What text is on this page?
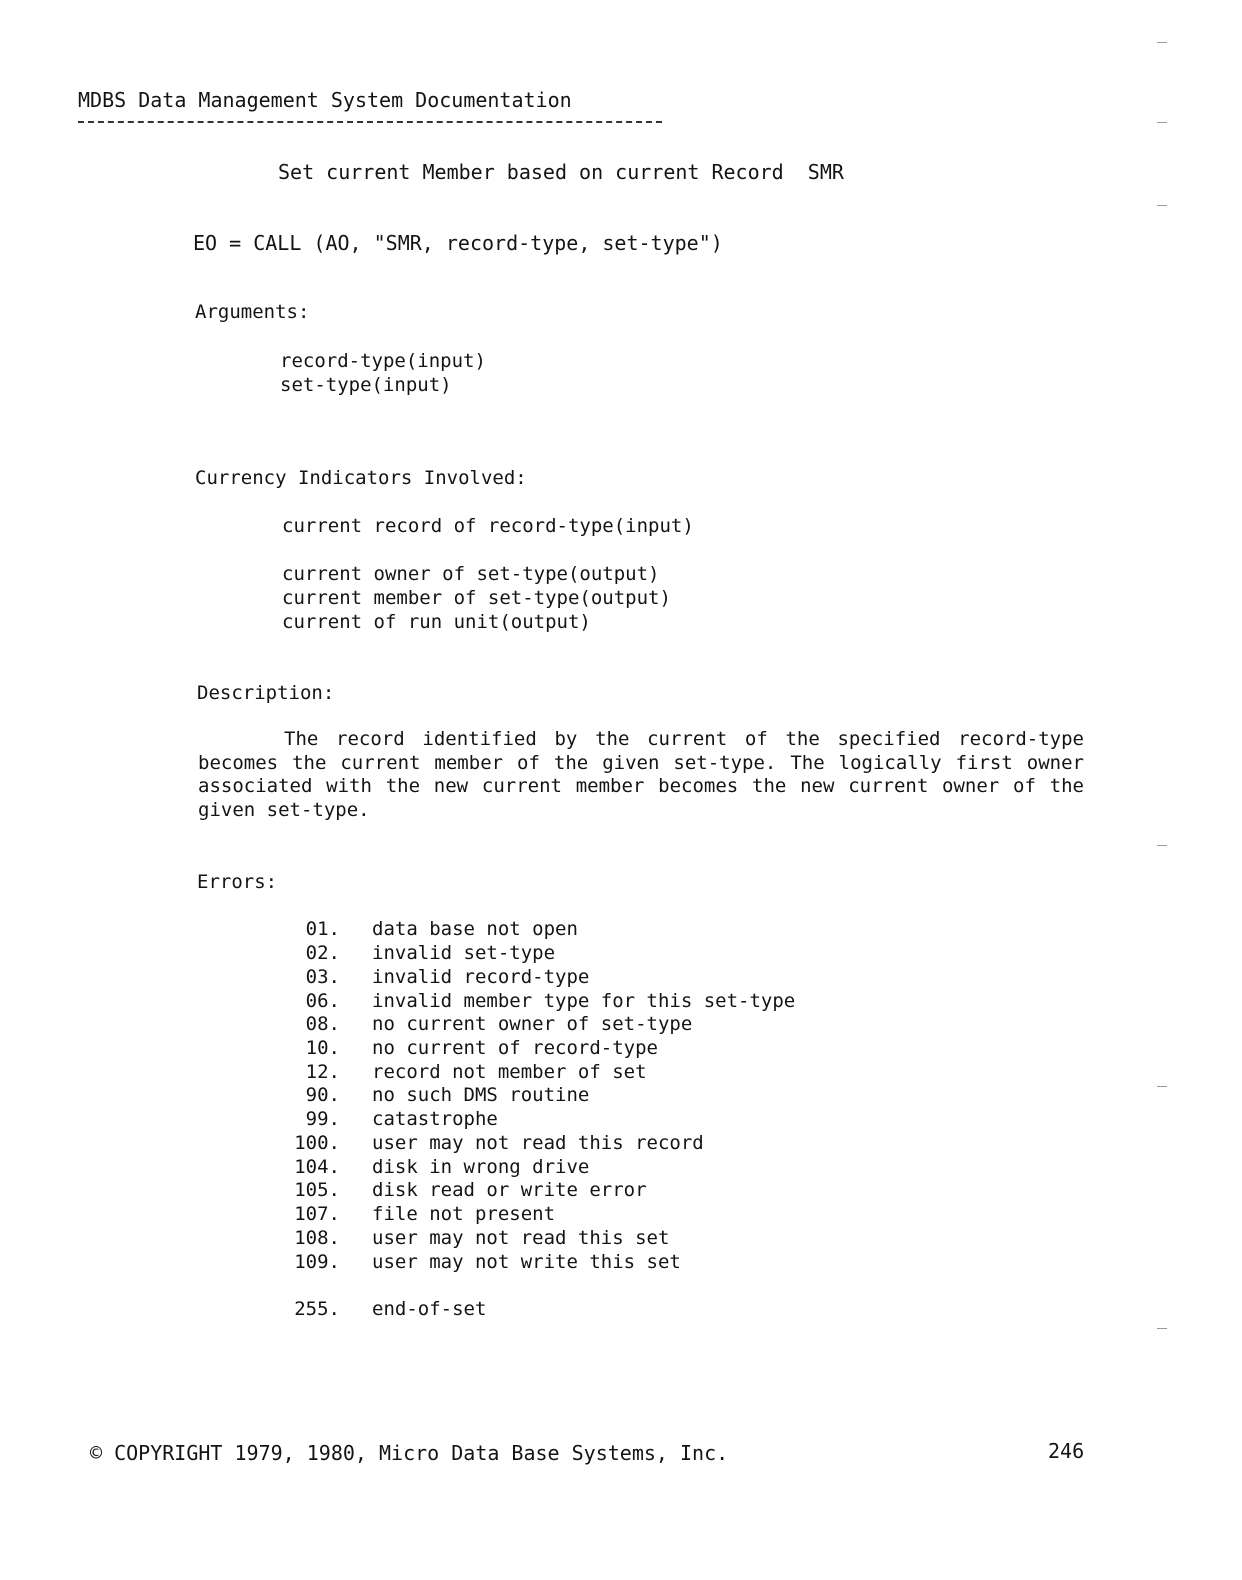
MDBS Data Management System Documentation
Set current Member based on current Record  SMR
EO = CALL (AO, "SMR, record-type, set-type")
Arguments:
record-type(input)
set-type(input)
Currency Indicators Involved:
current record of record-type(input)
current owner of set-type(output)
current member of set-type(output)
current of run unit(output)
Description:
The record identified by the current of the specified record-type becomes the current member of the given set-type. The logically first owner associated with the new current member becomes the new current owner of the given set-type.
Errors:
01. data base not open
02. invalid set-type
03. invalid record-type
06. invalid member type for this set-type
08. no current owner of set-type
10. no current of record-type
12. record not member of set
90. no such DMS routine
99. catastrophe
100. user may not read this record
104. disk in wrong drive
105. disk read or write error
107. file not present
108. user may not read this set
109. user may not write this set
255. end-of-set
© COPYRIGHT 1979, 1980, Micro Data Base Systems, Inc.	246
